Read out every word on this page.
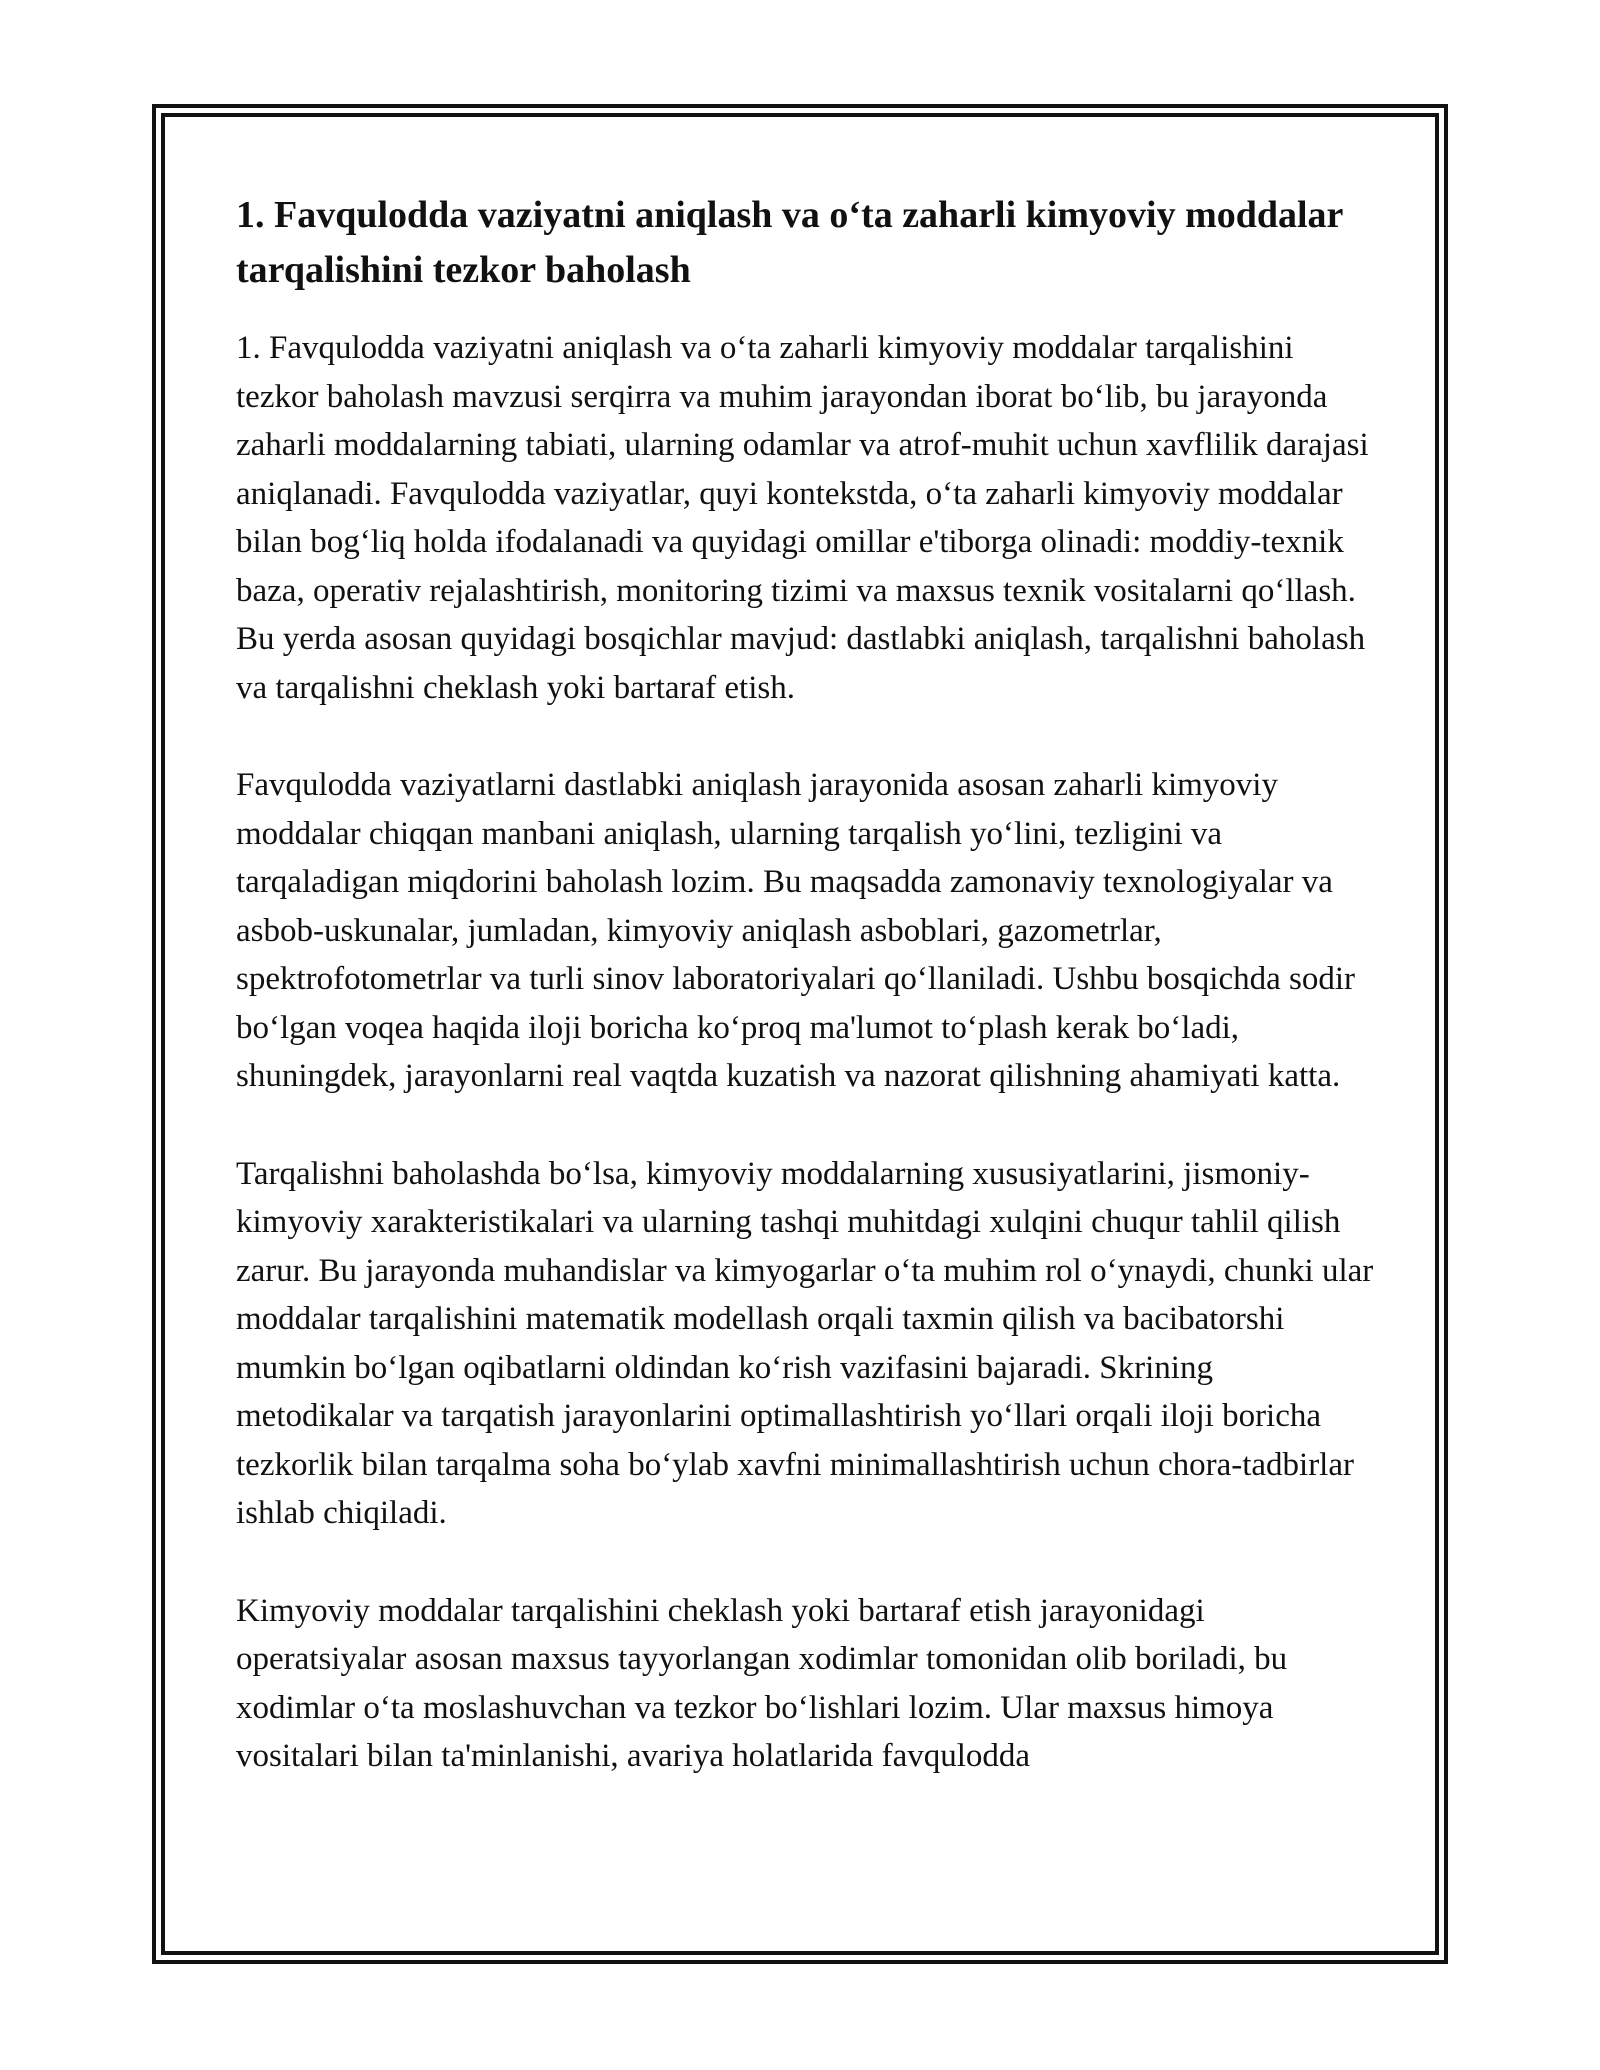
1. Favqulodda vaziyatni aniqlash va o‘ta zaharli kimyoviy moddalar tarqalishini tezkor baholash

1. Favqulodda vaziyatni aniqlash va o‘ta zaharli kimyoviy moddalar tarqalishini tezkor baholash mavzusi serqirra va muhim jarayondan iborat bo‘lib, bu jarayonda zaharli moddalarning tabiati, ularning odamlar va atrof-muhit uchun xavflilik darajasi aniqlanadi. Favqulodda vaziyatlar, quyi kontekstda, o‘ta zaharli kimyoviy moddalar bilan bog‘liq holda ifodalanadi va quyidagi omillar e'tiborga olinadi: moddiy-texnik baza, operativ rejalashtirish, monitoring tizimi va maxsus texnik vositalarni qo‘llash. Bu yerda asosan quyidagi bosqichlar mavjud: dastlabki aniqlash, tarqalishni baholash va tarqalishni cheklash yoki bartaraf etish.

Favqulodda vaziyatlarni dastlabki aniqlash jarayonida asosan zaharli kimyoviy moddalar chiqqan manbani aniqlash, ularning tarqalish yo‘lini, tezligini va tarqaladigan miqdorini baholash lozim. Bu maqsadda zamonaviy texnologiyalar va asbob-uskunalar, jumladan, kimyoviy aniqlash asboblari, gazometrlar, spektrofotometrlar va turli sinov laboratoriyalari qo‘llaniladi. Ushbu bosqichda sodir bo‘lgan voqea haqida iloji boricha ko‘proq ma'lumot to‘plash kerak bo‘ladi, shuningdek, jarayonlarni real vaqtda kuzatish va nazorat qilishning ahamiyati katta.

Tarqalishni baholashda bo‘lsa, kimyoviy moddalarning xususiyatlarini, jismoniy-kimyoviy xarakteristikalari va ularning tashqi muhitdagi xulqini chuqur tahlil qilish zarur. Bu jarayonda muhandislar va kimyogarlar o‘ta muhim rol o‘ynaydi, chunki ular moddalar tarqalishini matematik modellash orqali taxmin qilish va bacibatorshi mumkin bo‘lgan oqibatlarni oldindan ko‘rish vazifasini bajaradi. Skrining metodikalar va tarqatish jarayonlarini optimallashtirish yo‘llari orqali iloji boricha tezkorlik bilan tarqalma soha bo‘ylab xavfni minimallashtirish uchun chora-tadbirlar ishlab chiqiladi.

Kimyoviy moddalar tarqalishini cheklash yoki bartaraf etish jarayonidagi operatsiyalar asosan maxsus tayyorlangan xodimlar tomonidan olib boriladi, bu xodimlar o‘ta moslashuvchan va tezkor bo‘lishlari lozim. Ular maxsus himoya vositalari bilan ta'minlanishi, avariya holatlarida favqulodda
